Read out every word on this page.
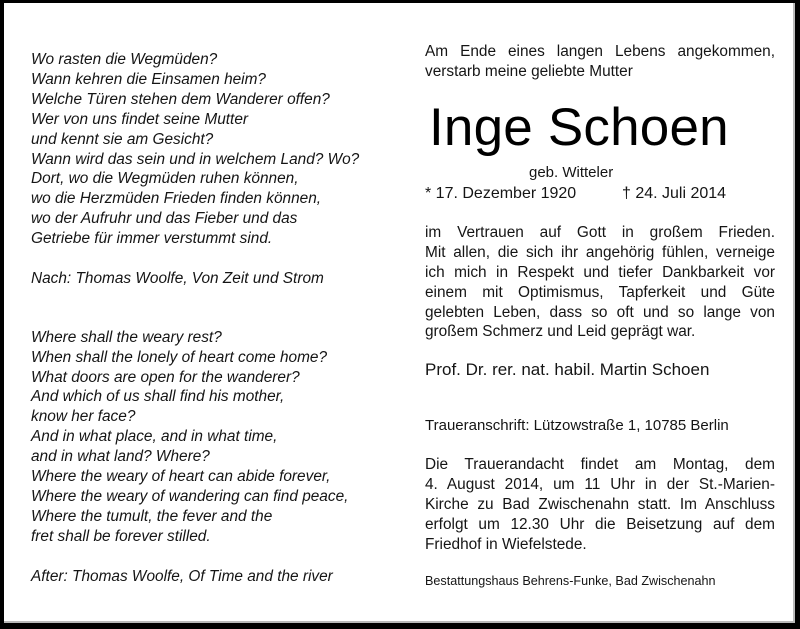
Wo rasten die Wegmüden?
Wann kehren die Einsamen heim?
Welche Türen stehen dem Wanderer offen?
Wer von uns findet seine Mutter
und kennt sie am Gesicht?
Wann wird das sein und in welchem Land? Wo?
Dort, wo die Wegmüden ruhen können,
wo die Herzmüden Frieden finden können,
wo der Aufruhr und das Fieber und das
Getriebe für immer verstummt sind.
Nach: Thomas Woolfe, Von Zeit und Strom
Where shall the weary rest?
When shall the lonely of heart come home?
What doors are open for the wanderer?
And which of us shall find his mother,
know her face?
And in what place, and in what time,
and in what land? Where?
Where the weary of heart can abide forever,
Where the weary of wandering can find peace,
Where the tumult, the fever and the
fret shall be forever stilled.
After: Thomas Woolfe, Of Time and the river
Am Ende eines langen Lebens angekommen,
verstarb meine geliebte Mutter
Inge Schoen
geb. Witteler
* 17. Dezember 1920	† 24. Juli 2014
im Vertrauen auf Gott in großem Frieden.
Mit allen, die sich ihr angehörig fühlen, verneige
ich mich in Respekt und tiefer Dankbarkeit vor
einem mit Optimismus, Tapferkeit und Güte
gelebten Leben, dass so oft und so lange von
großem Schmerz und Leid geprägt war.
Prof. Dr. rer. nat. habil. Martin Schoen
Traueranschrift: Lützowstraße 1, 10785 Berlin
Die Trauerandacht findet am Montag, dem
4. August 2014, um 11 Uhr in der St.-Marien-
Kirche zu Bad Zwischenahn statt. Im Anschluss
erfolgt um 12.30 Uhr die Beisetzung auf dem
Friedhof in Wiefelstede.
Bestattungshaus Behrens-Funke, Bad Zwischenahn
